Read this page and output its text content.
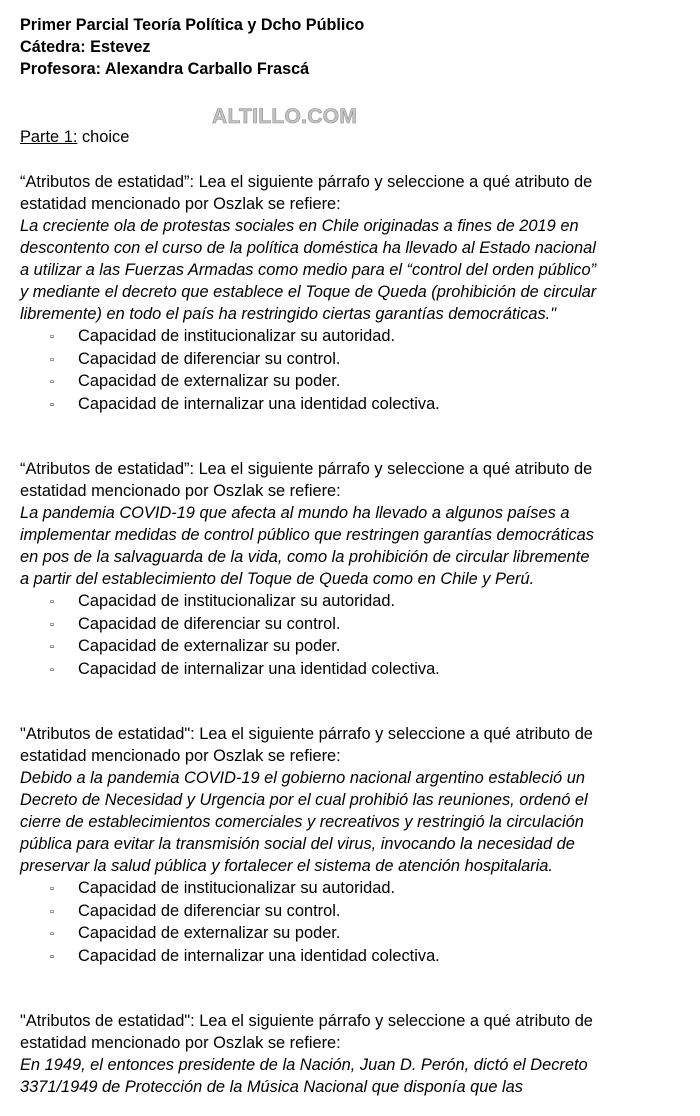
Primer Parcial Teoría Política y Dcho Público
Cátedra: Estevez
Profesora: Alexandra Carballo Frascá
ALTILLO.COM
Parte 1: choice

“Atributos de estatidad”: Lea el siguiente párrafo y seleccione a qué atributo de
estatidad mencionado por Oszlak se refiere:

La creciente ola de protestas sociales en Chile originadas a fines de 2019 en
descontento con el curso de la política doméstica ha llevado al Estado nacional
a utilizar a las Fuerzas Armadas como medio para el “control del orden público”
y mediante el decreto que establece el Toque de Queda (prohibición de circular
libremente) en todo el país ha restringido ciertas garantías democráticas."

▫ Capacidad de institucionalizar su autoridad.
▫ Capacidad de diferenciar su control.
▫ Capacidad de externalizar su poder.
▫ Capacidad de internalizar una identidad colectiva.

“Atributos de estatidad”: Lea el siguiente párrafo y seleccione a qué atributo de
estatidad mencionado por Oszlak se refiere:

La pandemia COVID-19 que afecta al mundo ha llevado a algunos países a
implementar medidas de control público que restringen garantías democráticas
en pos de la salvaguarda de la vida, como la prohibición de circular libremente
a partir del establecimiento del Toque de Queda como en Chile y Perú.

▫ Capacidad de institucionalizar su autoridad.
▫ Capacidad de diferenciar su control.
▫ Capacidad de externalizar su poder.
▫ Capacidad de internalizar una identidad colectiva.

"Atributos de estatidad": Lea el siguiente párrafo y seleccione a qué atributo de
estatidad mencionado por Oszlak se refiere:

Debido a la pandemia COVID-19 el gobierno nacional argentino estableció un
Decreto de Necesidad y Urgencia por el cual prohibió las reuniones, ordenó el
cierre de establecimientos comerciales y recreativos y restringió la circulación
pública para evitar la transmisión social del virus, invocando la necesidad de
preservar la salud pública y fortalecer el sistema de atención hospitalaria.

▫ Capacidad de institucionalizar su autoridad.
▫ Capacidad de diferenciar su control.
▫ Capacidad de externalizar su poder.
▫ Capacidad de internalizar una identidad colectiva.

"Atributos de estatidad": Lea el siguiente párrafo y seleccione a qué atributo de
estatidad mencionado por Oszlak se refiere:

En 1949, el entonces presidente de la Nación, Juan D. Perón, dictó el Decreto
3371/1949 de Protección de la Música Nacional que disponía que las
